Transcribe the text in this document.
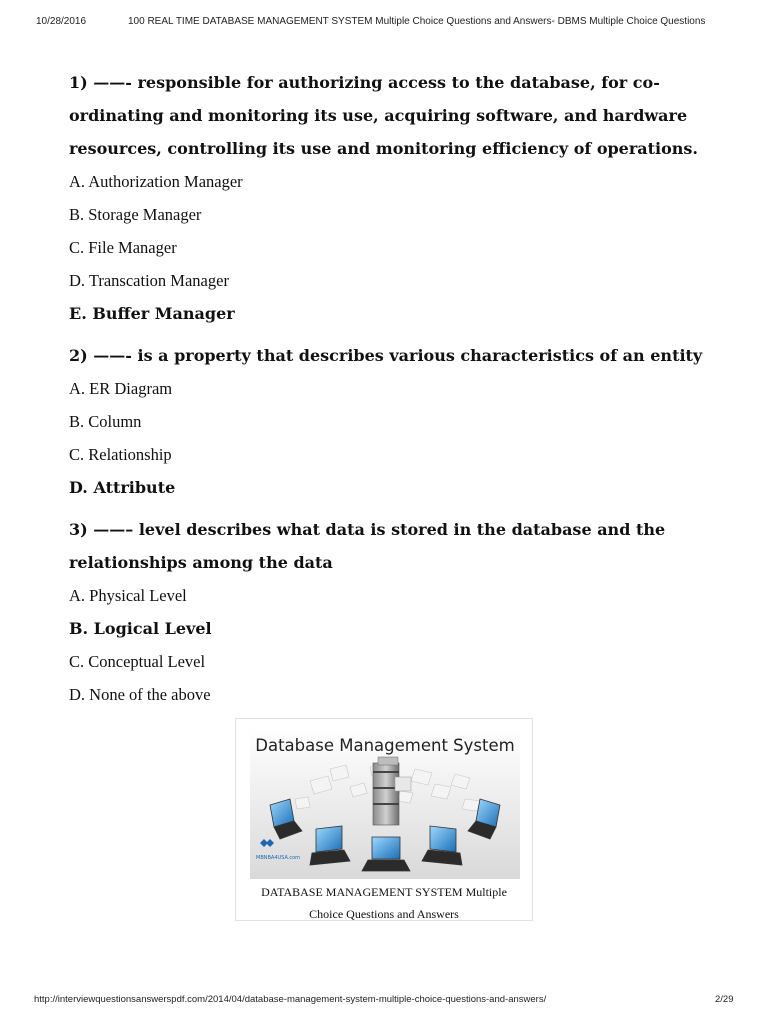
10/28/2016	100 REAL TIME DATABASE MANAGEMENT SYSTEM Multiple Choice Questions and Answers- DBMS Multiple Choice Questions

1) ——- responsible for authorizing access to the database, for co-

ordinating and monitoring its use, acquiring software, and hardware

resources, controlling its use and monitoring efficiency of operations.

A. Authorization Manager

B. Storage Manager

C. File Manager

D. Transcation Manager

E. Buffer Manager

2) ——- is a property that describes various characteristics of an entity

A. ER Diagram

B. Column

C. Relationship

D. Attribute

3) ——– level describes what data is stored in the database and the

relationships among the data

A. Physical Level

B. Logical Level

C. Conceptual Level

D. None of the above

Database Management System
MBNBA4USA.com
DATABASE MANAGEMENT SYSTEM Multiple
Choice Questions and Answers
http://interviewquestionsanswerspdf.com/2014/04/database-management-system-multiple-choice-questions-and-answers/	2/29
